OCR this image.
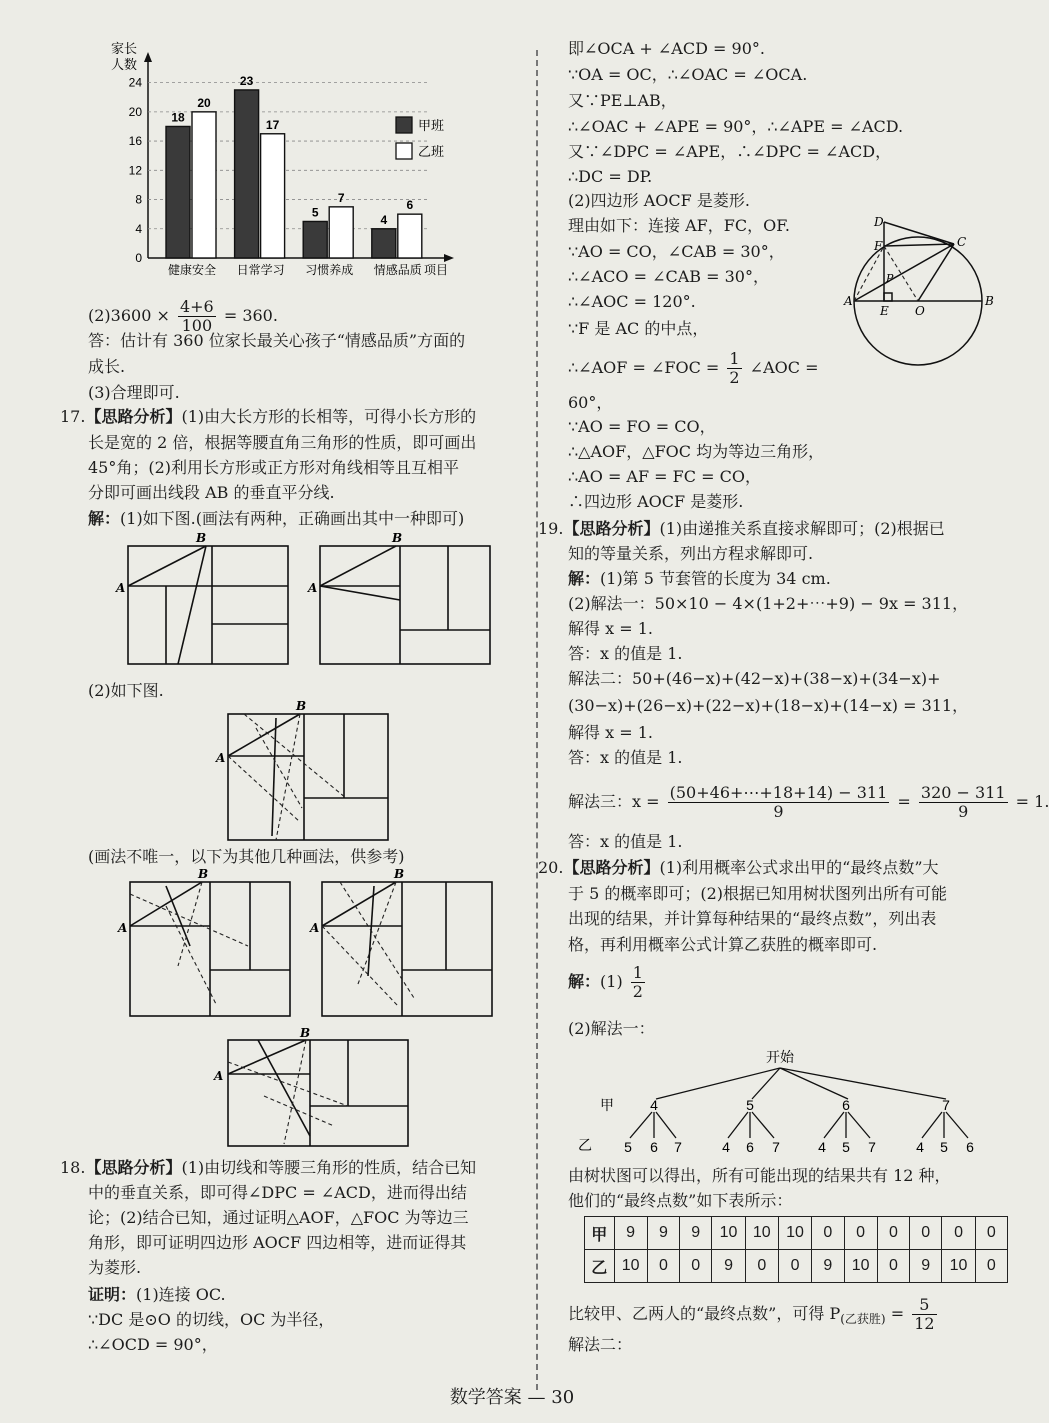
家长
人数
0
4
8
12
16
20
24
18
20
健康安全
23
17
日常学习
5
7
习惯养成
4
6
情感品质 项目
甲班
乙班
$(2)3600 \times \frac{4+6}{100} = 360$.
答：估计有 360 位家长最关心孩子“情感品质”方面的
成长.
(3)合理即可.
17.【思路分析】(1)由大长方形的长相等，可得小长方形的
长是宽的 2 倍，根据等腰直角三角形的性质，即可画出
45°角；(2)利用长方形或正方形对角线相等且互相平
分即可画出线段 AB 的垂直平分线.
解：(1)如下图.(画法有两种，正确画出其中一种即可)
B
A
B
A
(2)如下图.
B
A
(画法不唯一，以下为其他几种画法，供参考)
B
A
B
A
B
A
18.【思路分析】(1)由切线和等腰三角形的性质，结合已知
中的垂直关系，即可得∠DPC = ∠ACD，进而得出结
论；(2)结合已知，通过证明△AOF，△FOC 为等边三
角形，即可证明四边形 AOCF 四边相等，进而证得其
为菱形.
证明：(1)连接 OC.
∵DC 是⊙O 的切线，OC 为半径，
∴∠OCD = 90°，
即∠OCA + ∠ACD = 90°.
∵OA = OC，∴∠OAC = ∠OCA.
又∵PE⊥AB，
∴∠OAC + ∠APE = 90°，∴∠APE = ∠ACD.
又∵∠DPC = ∠APE，∴∠DPC = ∠ACD，
∴DC = DP.
(2)四边形 AOCF 是菱形.
理由如下：连接 AF，FC，OF.
∵AO = CO，∠CAB = 30°，
∴∠ACO = ∠CAB = 30°，
∴∠AOC = 120°.
∵F 是 AC 的中点，
∴∠AOF = ∠FOC = $\frac{1}{2}$ ∠AOC =
60°，
∵AO = FO = CO，
∴△AOF，△FOC 均为等边三角形，
∴AO = AF = FC = CO，
∴四边形 AOCF 是菱形.
D
F	C
A	B
E O
P
19.【思路分析】(1)由递推关系直接求解即可；(2)根据已
知的等量关系，列出方程求解即可.
解：(1)第 5 节套管的长度为 34 cm.
(2)解法一：50×10 − 4×(1+2+⋯+9) − 9x = 311，
解得 x = 1.
答：x 的值是 1.
解法二：50+(46−x)+(42−x)+(38−x)+(34−x)+
(30−x)+(26−x)+(22−x)+(18−x)+(14−x) = 311，
解得 x = 1.
答：x 的值是 1.
解法三：$x = \frac{(50+46+\cdots+18+14) - 311}{9} = \frac{320 - 311}{9} = 1$.
答：x 的值是 1.
20.【思路分析】(1)利用概率公式求出甲的“最终点数”大
于 5 的概率即可；(2)根据已知用树状图列出所有可能
出现的结果，并计算每种结果的“最终点数”，列出表
格，再利用概率公式计算乙获胜的概率即可.
解：$(1) \frac{1}{2}$
(2)解法一：
开始
甲
乙
4	5	6	7
5 6 7	4 6 7	4 5 7	4 5 6
由树状图可以得出，所有可能出现的结果共有 12 种，
他们的“最终点数”如下表所示：
甲	9	9	9	10	10	10	0	0	0	0	0	0
乙	10	0	0	9	0	0	9	10	0	9	10	0
比较甲、乙两人的“最终点数”，可得 $P_{(乙获胜)} = \frac{5}{12}$
解法二：
数学答案 — 30
